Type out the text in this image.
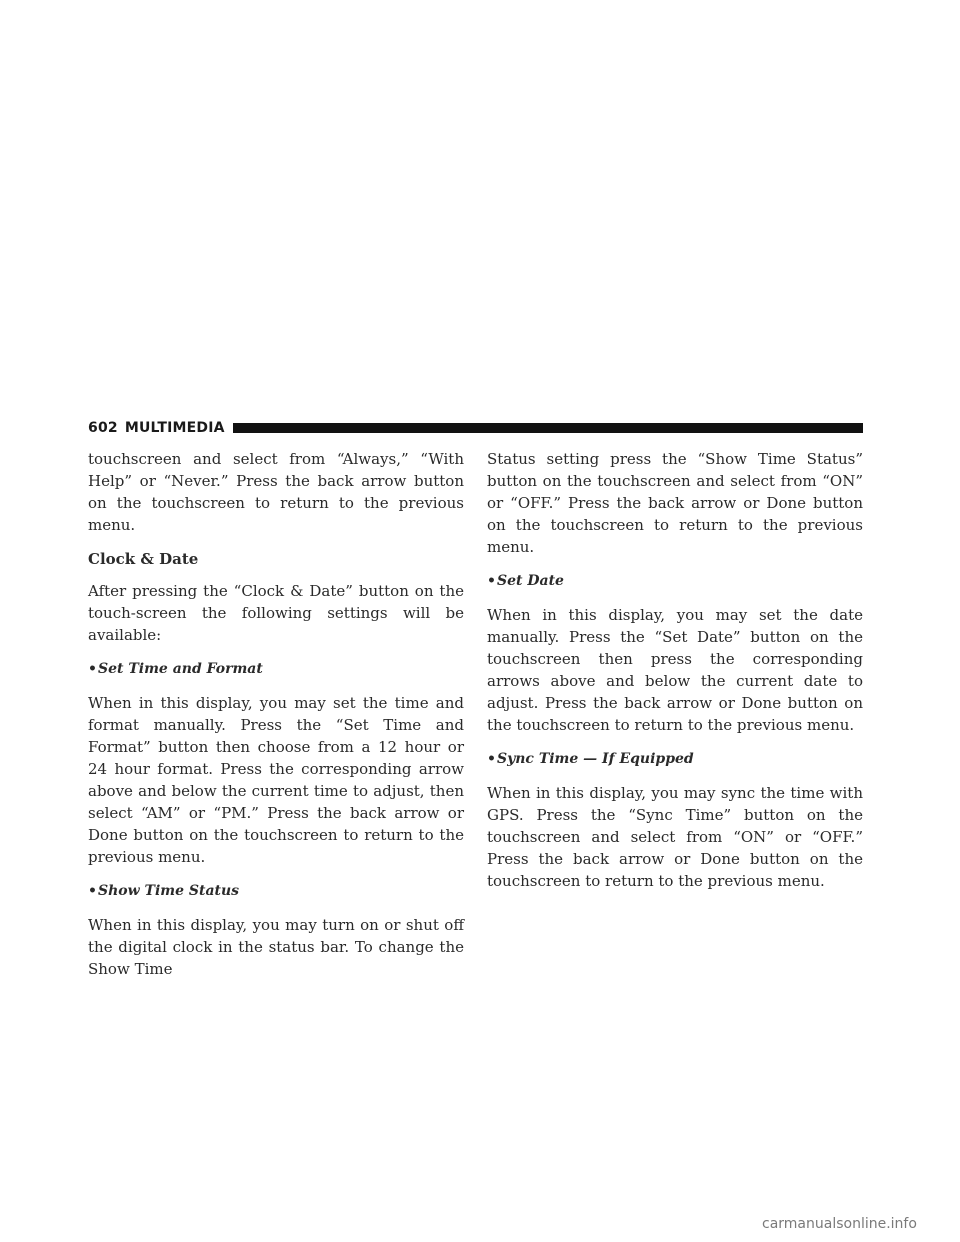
602 MULTIMEDIA

touchscreen and select from “Always,” “With Help” or “Never.” Press the back arrow button on the touchscreen to return to the previous menu.

Clock & Date

After pressing the “Clock & Date” button on the touch-screen the following settings will be available:

•Set Time and Format

When in this display, you may set the time and format manually. Press the “Set Time and Format” button then choose from a 12 hour or 24 hour format. Press the corresponding arrow above and below the current time to adjust, then select “AM” or “PM.” Press the back arrow or Done button on the touchscreen to return to the previous menu.

•Show Time Status

When in this display, you may turn on or shut off the digital clock in the status bar. To change the Show Time

Status setting press the “Show Time Status” button on the touchscreen and select from “ON” or “OFF.” Press the back arrow or Done button on the touchscreen to return to the previous menu.

•Set Date

When in this display, you may set the date manually. Press the “Set Date” button on the touchscreen then press the corresponding arrows above and below the current date to adjust. Press the back arrow or Done button on the touchscreen to return to the previous menu.

•Sync Time — If Equipped

When in this display, you may sync the time with GPS. Press the “Sync Time” button on the touchscreen and select from “ON” or “OFF.” Press the back arrow or Done button on the touchscreen to return to the previous menu.

carmanualsonline.info
